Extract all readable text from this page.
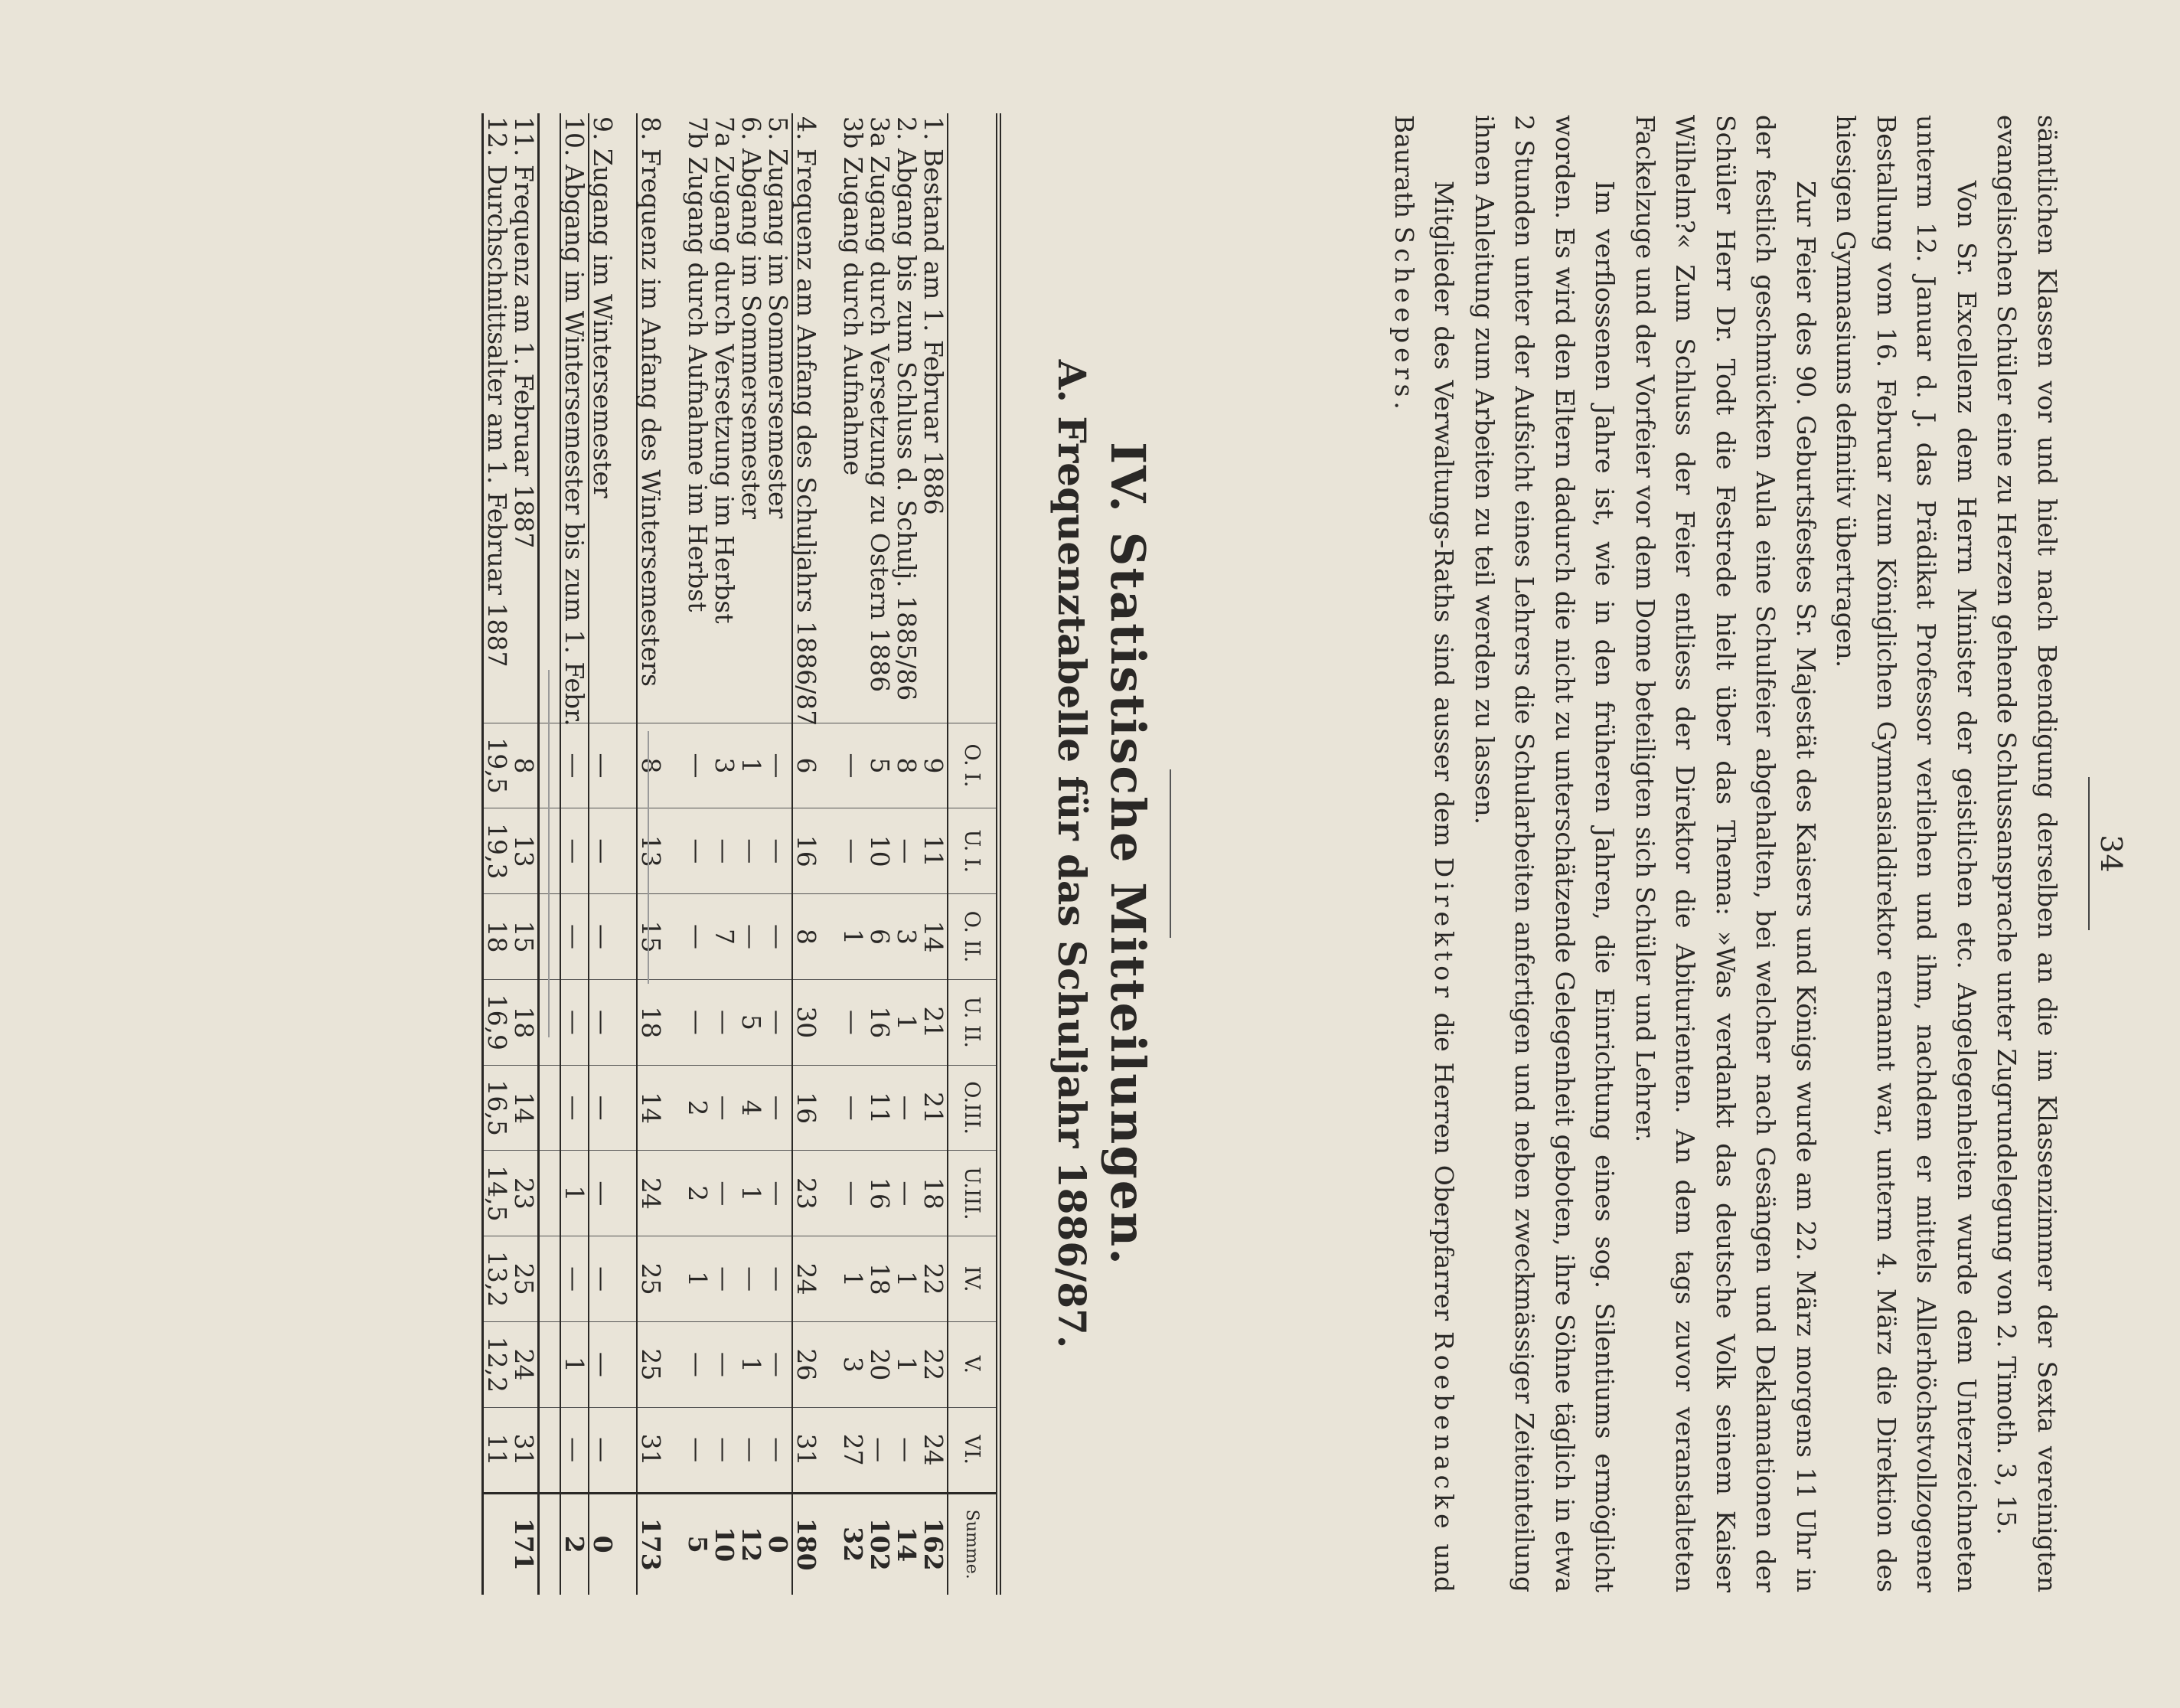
34

sämtlichen Klassen vor und hielt nach Beendigung derselben an die im Klassenzimmer der Sexta vereinigten evangelischen Schüler eine zu Herzen gehende Schlussansprache unter Zugrundelegung von 2. Timoth. 3, 15.

Von Sr. Excellenz dem Herrn Minister der geistlichen etc. Angelegenheiten wurde dem Unterzeichneten unterm 12. Januar d. J. das Prädikat Professor verliehen und ihm, nachdem er mittels Allerhöchstvollzogener Bestallung vom 16. Februar zum Königlichen Gymnasialdirektor ernannt war, unterm 4. März die Direktion des hiesigen Gymnasiums definitiv übertragen.

Zur Feier des 90. Geburtsfestes Sr. Majestät des Kaisers und Königs wurde am 22. März morgens 11 Uhr in der festlich geschmückten Aula eine Schulfeier abgehalten, bei welcher nach Gesängen und Deklamationen der Schüler Herr Dr. Todt die Festrede hielt über das Thema: »Was verdankt das deutsche Volk seinem Kaiser Wilhelm?« Zum Schluss der Feier entliess der Direktor die Abiturienten. An dem tags zuvor veranstalteten Fackelzuge und der Vorfeier vor dem Dome beteiligten sich Schüler und Lehrer.

Im verflossenen Jahre ist, wie in den früheren Jahren, die Einrichtung eines sog. Silentiums ermöglicht worden. Es wird den Eltern dadurch die nicht zu unterschätzende Gelegenheit geboten, ihre Söhne täglich in etwa 2 Stunden unter der Aufsicht eines Lehrers die Schularbeiten anfertigen und neben zweckmässiger Zeiteinteilung ihnen Anleitung zum Arbeiten zu teil werden zu lassen.

Mitglieder des Verwaltungs-Raths sind ausser dem Direktor die Herren Oberpfarrer Roebenacke und Baurath Scheepers.

IV. Statistische Mitteilungen.
A. Frequenztabelle für das Schuljahr 1886/87.
	O. I.	U. I.	O. II.	U. II.	O.III.	U.III.	IV.	V.	VI.	Summe.
1. Bestand am 1. Februar 1886	9	11	14	21	21	18	22	22	24	162
2. Abgang bis zum Schluss d. Schulj. 1885/86	8	—	3	1	—	—	1	1	—	14
3a Zugang durch Versetzung zu Ostern 1886	5	10	6	16	11	16	18	20	—	102
3b Zugang durch Aufnahme	—	—	1	—	—	—	1	3	27	32

4. Frequenz am Anfang des Schuljahrs 1886/87	6	16	8	30	16	23	24	26	31	180
5. Zugang im Sommersemester	—	—	—	—	—	—	—	—	—	0
6. Abgang im Sommersemester	1	—	—	5	4	1	—	1	—	12
7a Zugang durch Versetzung im Herbst	3	—	7	—	—	—	—	—	—	10
7b Zugang durch Aufnahme im Herbst	—	—	—	—	2	2	1	—	—	5

8. Frequenz im Anfang des Wintersemesters	8	13	15	18	14	24	25	25	31	173

9. Zugang im Wintersemester	—	—	—	—	—	—	—	—	—	0
10. Abgang im Wintersemester bis zum 1. Febr.	—	—	—	—	—	1	—	1	—	2

11. Frequenz am 1. Februar 1887	8	13	15	18	14	23	25	24	31	171
12. Durchschnittsalter am 1. Februar 1887	19,5	19,3	18	16,9	16,5	14,5	13,2	12,2	11	
